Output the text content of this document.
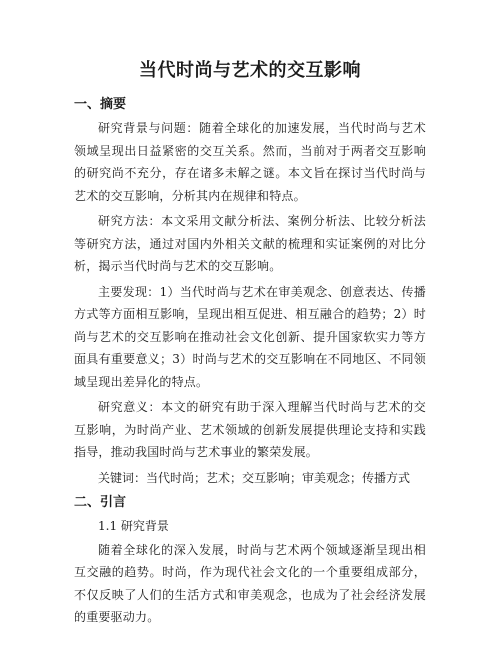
当代时尚与艺术的交互影响
一、摘要

研究背景与问题：随着全球化的加速发展，当代时尚与艺术领域呈现出日益紧密的交互关系。然而，当前对于两者交互影响的研究尚不充分，存在诸多未解之谜。本文旨在探讨当代时尚与艺术的交互影响，分析其内在规律和特点。

研究方法：本文采用文献分析法、案例分析法、比较分析法等研究方法，通过对国内外相关文献的梳理和实证案例的对比分析，揭示当代时尚与艺术的交互影响。

主要发现：1）当代时尚与艺术在审美观念、创意表达、传播方式等方面相互影响，呈现出相互促进、相互融合的趋势；2）时尚与艺术的交互影响在推动社会文化创新、提升国家软实力等方面具有重要意义；3）时尚与艺术的交互影响在不同地区、不同领域呈现出差异化的特点。

研究意义：本文的研究有助于深入理解当代时尚与艺术的交互影响，为时尚产业、艺术领域的创新发展提供理论支持和实践指导，推动我国时尚与艺术事业的繁荣发展。

关键词：当代时尚；艺术；交互影响；审美观念；传播方式

二、引言
1.1 研究背景

随着全球化的深入发展，时尚与艺术两个领域逐渐呈现出相互交融的趋势。时尚，作为现代社会文化的一个重要组成部分，不仅反映了人们的生活方式和审美观念，也成为了社会经济发展的重要驱动力。
